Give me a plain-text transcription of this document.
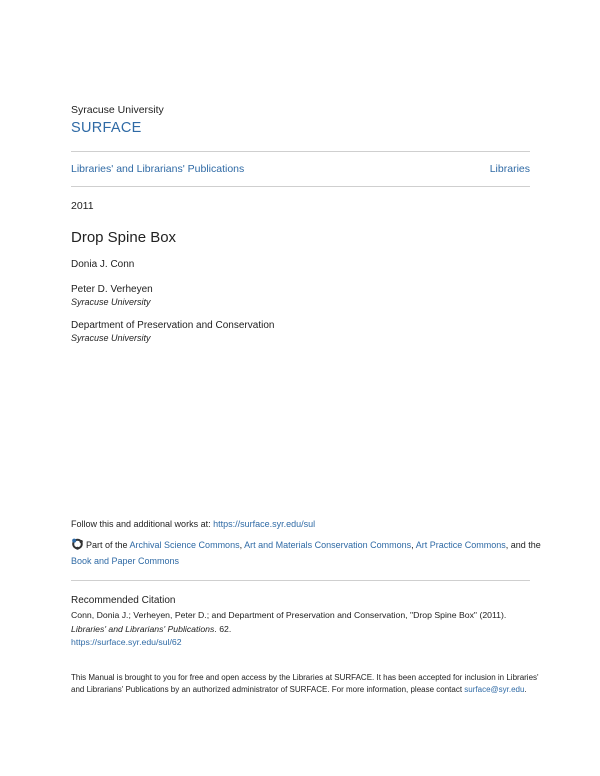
Syracuse University
SURFACE
Libraries' and Librarians' Publications	Libraries
2011
Drop Spine Box
Donia J. Conn
Peter D. Verheyen
Syracuse University
Department of Preservation and Conservation
Syracuse University
Follow this and additional works at: https://surface.syr.edu/sul
Part of the Archival Science Commons, Art and Materials Conservation Commons, Art Practice Commons, and the Book and Paper Commons
Recommended Citation
Conn, Donia J.; Verheyen, Peter D.; and Department of Preservation and Conservation, "Drop Spine Box" (2011). Libraries' and Librarians' Publications. 62.
https://surface.syr.edu/sul/62
This Manual is brought to you for free and open access by the Libraries at SURFACE. It has been accepted for inclusion in Libraries' and Librarians' Publications by an authorized administrator of SURFACE. For more information, please contact surface@syr.edu.
